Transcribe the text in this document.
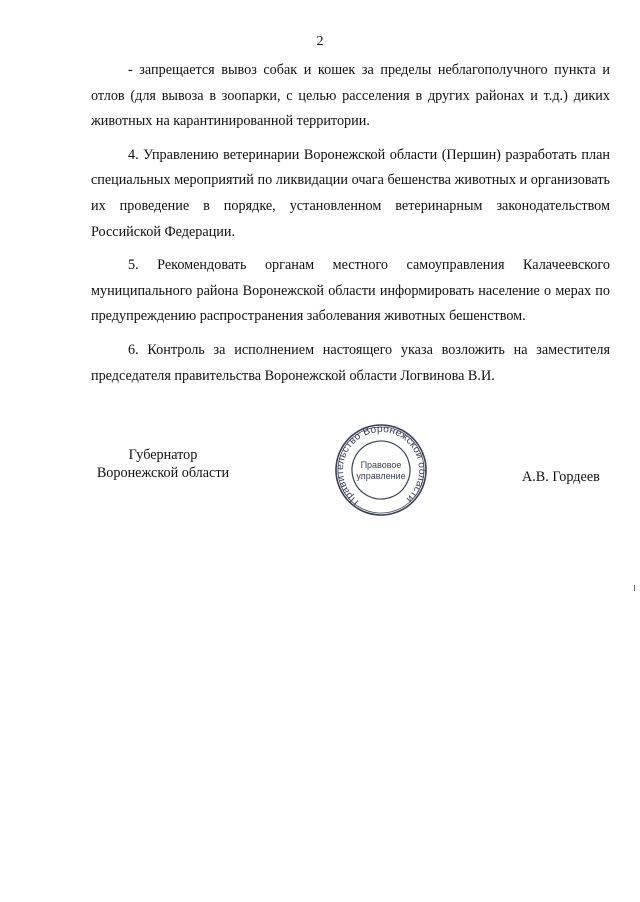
2

- запрещается вывоз собак и кошек за пределы неблагополучного пункта и отлов (для вывоза в зоопарки, с целью расселения в других районах и т.д.) диких животных на карантинированной территории.

4. Управлению ветеринарии Воронежской области (Першин) разработать план специальных мероприятий по ликвидации очага бешенства животных и организовать их проведение в порядке, установленном ветеринарным законодательством Российской Федерации.

5. Рекомендовать органам местного самоуправления Калачеевского муниципального района Воронежской области информировать население о мерах по предупреждению распространения заболевания животных бешенством.

6. Контроль за исполнением настоящего указа возложить на заместителя председателя правительства Воронежской области Логвинова В.И.

Губернатор
Воронежской области
Правительство Воронежской области
Правовое
управление	А.В. Гордеев
